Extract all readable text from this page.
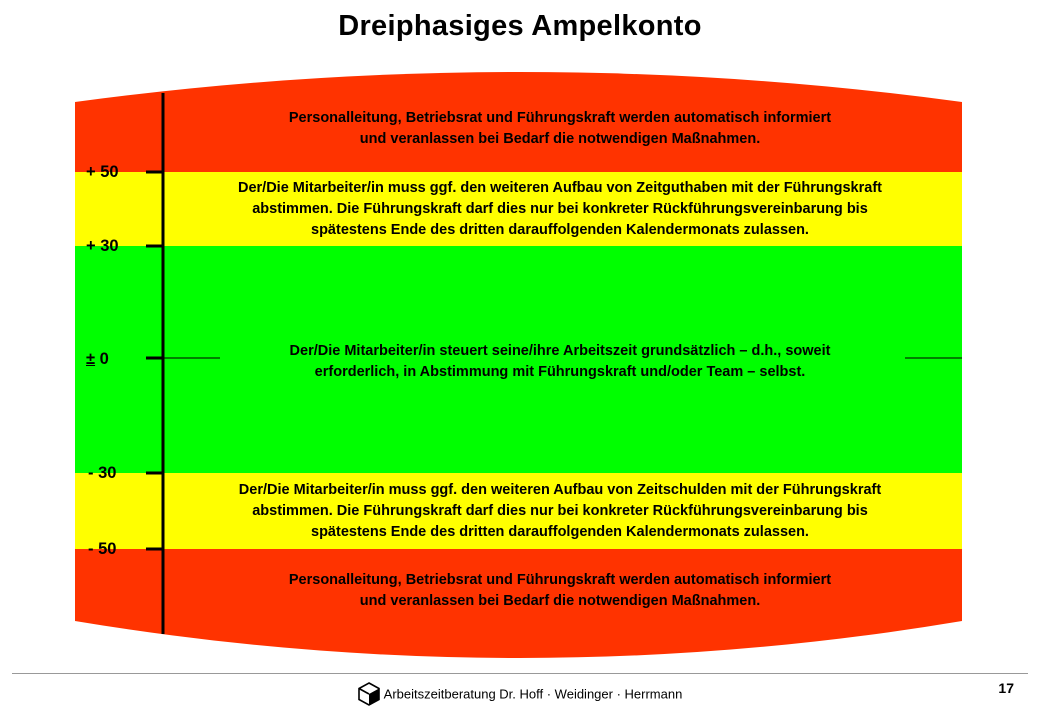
Dreiphasiges Ampelkonto
Personalleitung, Betriebsrat und Führungskraft werden automatisch informiert
und veranlassen bei Bedarf die notwendigen Maßnahmen.
Der/Die Mitarbeiter/in muss ggf. den weiteren Aufbau von Zeitguthaben mit der Führungskraft
abstimmen. Die Führungskraft darf dies nur bei konkreter Rückführungsvereinbarung bis
spätestens Ende des dritten darauffolgenden Kalendermonats zulassen.
Der/Die Mitarbeiter/in steuert seine/ihre Arbeitszeit grundsätzlich – d.h., soweit
erforderlich, in Abstimmung mit Führungskraft und/oder Team – selbst.
Der/Die Mitarbeiter/in muss ggf. den weiteren Aufbau von Zeitschulden mit der Führungskraft
abstimmen. Die Führungskraft darf dies nur bei konkreter Rückführungsvereinbarung bis
spätestens Ende des dritten darauffolgenden Kalendermonats zulassen.
Personalleitung, Betriebsrat und Führungskraft werden automatisch informiert
und veranlassen bei Bedarf die notwendigen Maßnahmen.
+ 50
+ 30
± 0
- 30
- 50
Arbeitszeitberatung Dr. Hoff · Weidinger · Herrmann	17
